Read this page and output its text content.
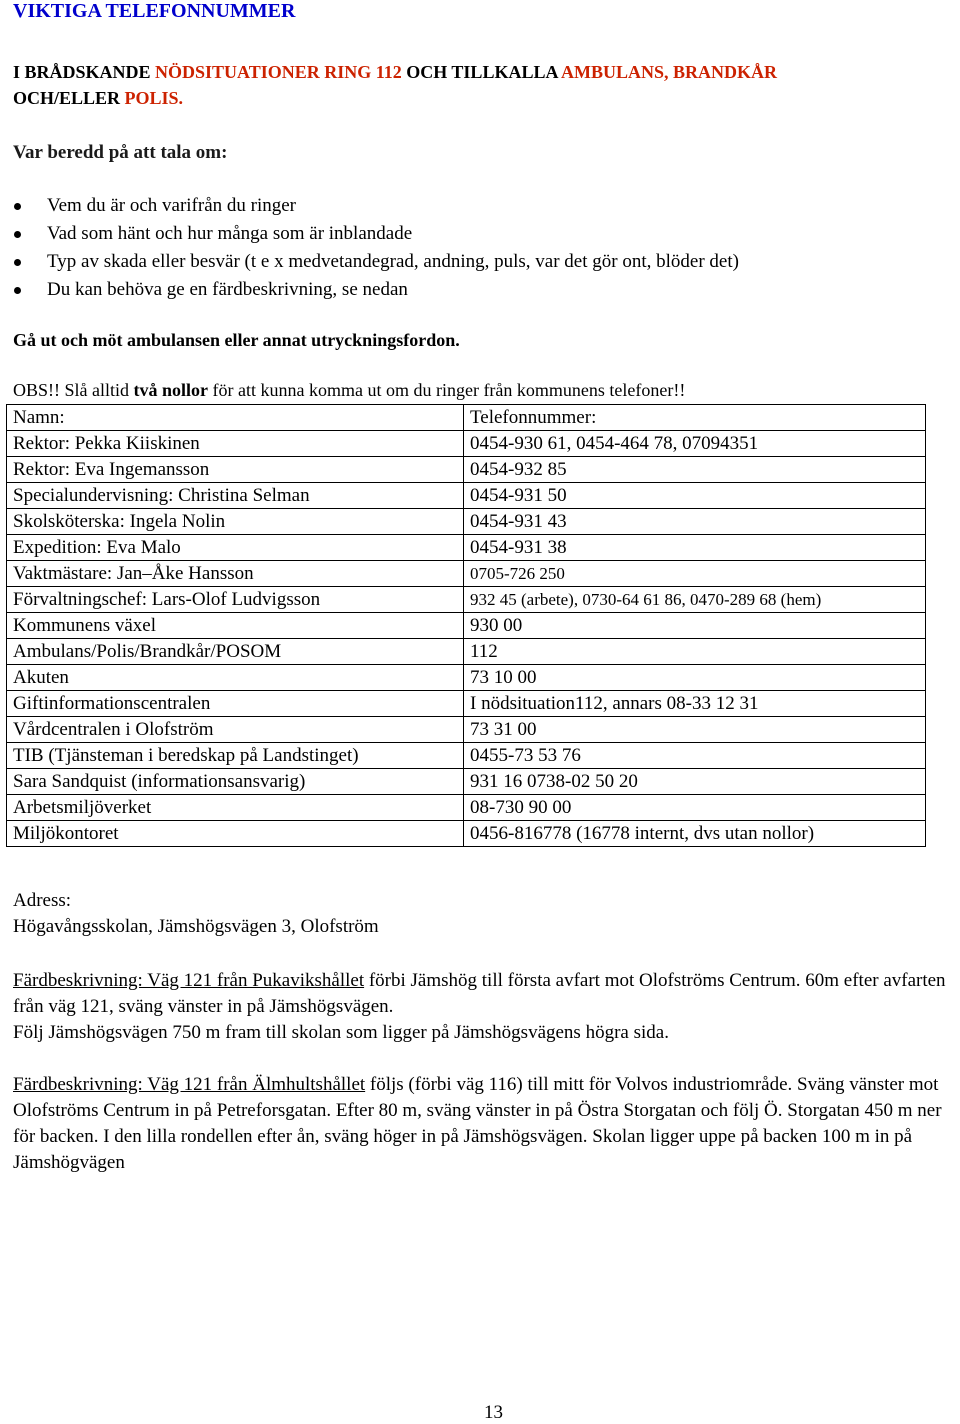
VIKTIGA TELEFONNUMMER
I BRÅDSKANDE NÖDSITUATIONER RING 112 OCH TILLKALLA AMBULANS, BRANDKÅR
OCH/ELLER POLIS.
Var beredd på att tala om:
Vem du är och varifrån du ringer
Vad som hänt och hur många som är inblandade
Typ av skada eller besvär (t e x medvetandegrad, andning, puls, var det gör ont, blöder det)
Du kan behöva ge en färdbeskrivning, se nedan
Gå ut och möt ambulansen eller annat utryckningsfordon.
OBS!! Slå alltid två nollor för att kunna komma ut om du ringer från kommunens telefoner!!
Namn:	Telefonnummer:
Rektor: Pekka Kiiskinen	0454-930 61, 0454-464 78, 07094351
Rektor: Eva Ingemansson	0454-932 85
Specialundervisning: Christina Selman	0454-931 50
Skolsköterska: Ingela Nolin	0454-931 43
Expedition: Eva Malo	0454-931 38
Vaktmästare: Jan–Åke Hansson	0705-726 250
Förvaltningschef: Lars-Olof Ludvigsson	932 45 (arbete), 0730-64 61 86, 0470-289 68 (hem)
Kommunens växel	930 00
Ambulans/Polis/Brandkår/POSOM	112
Akuten	73 10 00
Giftinformationscentralen	I nödsituation112, annars 08-33 12 31
Vårdcentralen i Olofström	73 31 00
TIB (Tjänsteman i beredskap på Landstinget)	0455-73 53 76
Sara Sandquist (informationsansvarig)	931 16 0738-02 50 20
Arbetsmiljöverket	08-730 90 00
Miljökontoret	0456-816778 (16778 internt, dvs utan nollor)
Adress:
Högavångsskolan, Jämshögsvägen 3, Olofström
Färdbeskrivning: Väg 121 från Pukavikshållet förbi Jämshög till första avfart mot Olofströms Centrum. 60m efter avfarten från väg 121, sväng vänster in på Jämshögsvägen.
Följ Jämshögsvägen 750 m fram till skolan som ligger på Jämshögsvägens högra sida.
Färdbeskrivning: Väg 121 från Älmhultshållet följs (förbi väg 116) till mitt för Volvos industriområde. Sväng vänster mot Olofströms Centrum in på Petreforsgatan. Efter 80 m, sväng vänster in på Östra Storgatan och följ Ö. Storgatan 450 m ner för backen. I den lilla rondellen efter ån, sväng höger in på Jämshögsvägen. Skolan ligger uppe på backen 100 m in på Jämshögvägen
13
